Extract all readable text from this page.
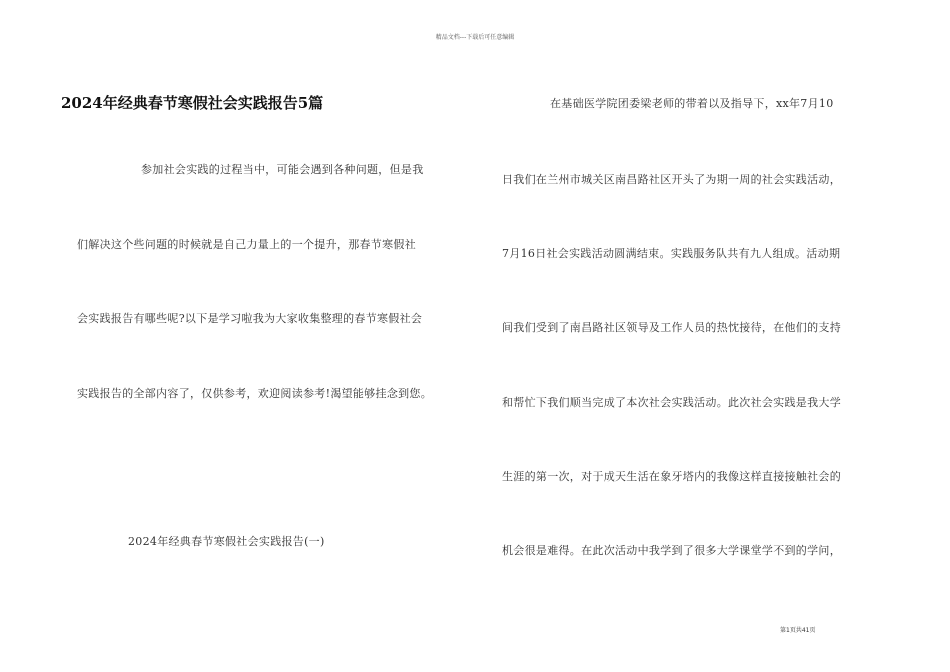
精品文档---下载后可任意编辑
2024年经典春节寒假社会实践报告5篇
参加社会实践的过程当中，可能会遇到各种问题，但是我
们解决这个些问题的时候就是自己力量上的一个提升，那春节寒假社
会实践报告有哪些呢?以下是学习啦我为大家收集整理的春节寒假社会
实践报告的全部内容了，仅供参考，欢迎阅读参考!渴望能够挂念到您。
2024年经典春节寒假社会实践报告(一)
在基础医学院团委梁老师的带着以及指导下，xx年7月10
日我们在兰州市城关区南昌路社区开头了为期一周的社会实践活动，
7月16日社会实践活动圆满结束。实践服务队共有九人组成。活动期
间我们受到了南昌路社区领导及工作人员的热忱接待，在他们的支持
和帮忙下我们顺当完成了本次社会实践活动。此次社会实践是我大学
生涯的第一次，对于成天生活在象牙塔内的我像这样直接接触社会的
机会很是难得。在此次活动中我学到了很多大学课堂学不到的学问，
第1页共41页
